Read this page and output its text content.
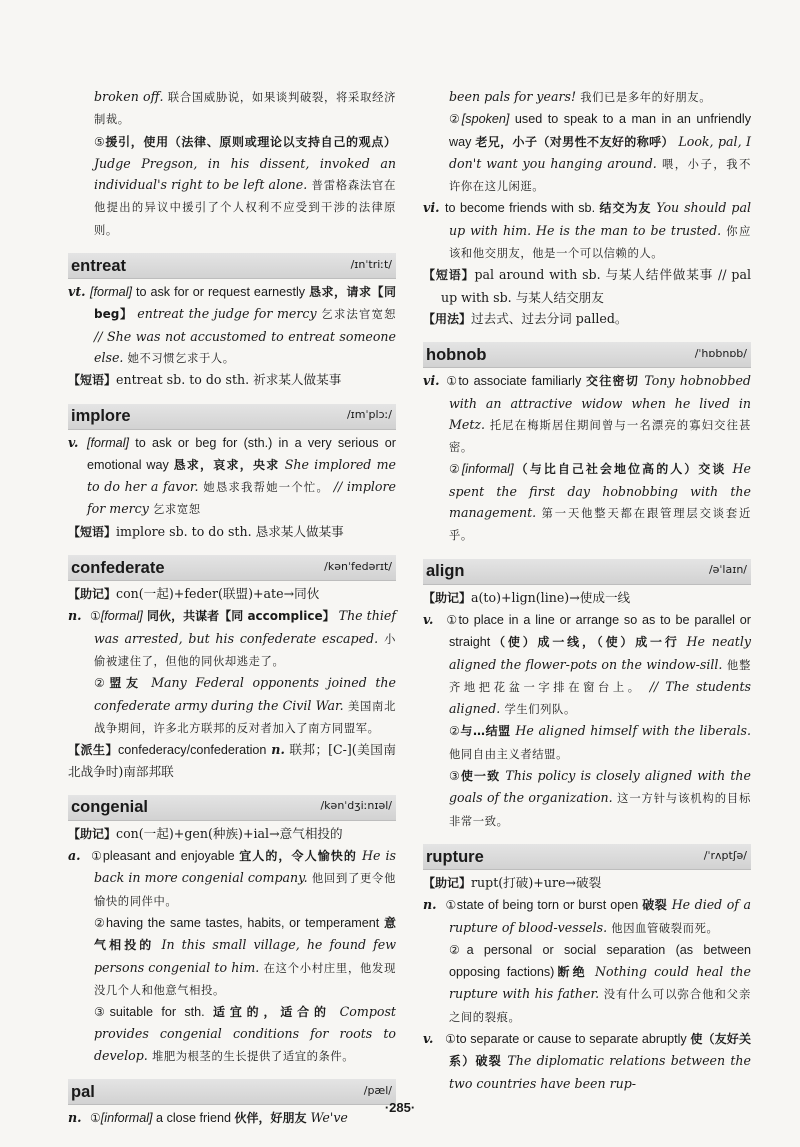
broken off. 联合国威胁说，如果谈判破裂，将采取经济制裁。

⑤援引，使用（法律、原则或理论以支持自己的观点） Judge Pregson, in his dissent, invoked an individual's right to be left alone. 普雷格森法官在他提出的异议中援引了个人权利不应受到干涉的法律原则。

entreat	/ɪnˈtriːt/

vt. [formal] to ask for or request earnestly 恳求，请求【同 beg】 entreat the judge for mercy 乞求法官宽恕 // She was not accustomed to entreat someone else. 她不习惯乞求于人。

【短语】entreat sb. to do sth. 祈求某人做某事

implore	/ɪmˈplɔː/

v. [formal] to ask or beg for (sth.) in a very serious or emotional way 恳求，哀求，央求 She implored me to do her a favor. 她恳求我帮她一个忙。 // implore for mercy 乞求宽恕

【短语】implore sb. to do sth. 恳求某人做某事

confederate	/kənˈfedərɪt/

【助记】con(一起)+feder(联盟)+ate→同伙

n. ①[formal] 同伙，共谋者【同 accomplice】 The thief was arrested, but his confederate escaped. 小偷被逮住了，但他的同伙却逃走了。

②盟友 Many Federal opponents joined the confederate army during the Civil War. 美国南北战争期间，许多北方联邦的反对者加入了南方同盟军。

【派生】confederacy/confederation n. 联邦；[C-](美国南北战争时)南部邦联

congenial	/kənˈdʒiːnɪəl/

【助记】con(一起)+gen(种族)+ial→意气相投的

a. ①pleasant and enjoyable 宜人的，令人愉快的 He is back in more congenial company. 他回到了更令他愉快的同伴中。

②having the same tastes, habits, or temperament 意气相投的 In this small village, he found few persons congenial to him. 在这个小村庄里，他发现没几个人和他意气相投。

③suitable for sth. 适宜的，适合的 Compost provides congenial conditions for roots to develop. 堆肥为根茎的生长提供了适宜的条件。

pal	/pæl/

n. ①[informal] a close friend 伙伴，好朋友 We've

been pals for years! 我们已是多年的好朋友。

②[spoken] used to speak to a man in an unfriendly way 老兄，小子（对男性不友好的称呼） Look, pal, I don't want you hanging around. 喂，小子，我不许你在这儿闲逛。

vi. to become friends with sb. 结交为友 You should pal up with him. He is the man to be trusted. 你应该和他交朋友，他是一个可以信赖的人。

【短语】pal around with sb. 与某人结伴做某事 // pal up with sb. 与某人结交朋友

【用法】过去式、过去分词 palled。

hobnob	/ˈhɒbnɒb/

vi. ①to associate familiarly 交往密切 Tony hobnobbed with an attractive widow when he lived in Metz. 托尼在梅斯居住期间曾与一名漂亮的寡妇交往甚密。

②[informal]（与比自己社会地位高的人）交谈 He spent the first day hobnobbing with the management. 第一天他整天都在跟管理层交谈套近乎。

align	/əˈlaɪn/

【助记】a(to)+lign(line)→使成一线

v. ①to place in a line or arrange so as to be parallel or straight（使）成一线，（使）成一行 He neatly aligned the flower-pots on the window-sill. 他整齐地把花盆一字排在窗台上。 // The students aligned. 学生们列队。

②与…结盟 He aligned himself with the liberals. 他同自由主义者结盟。

③使一致 This policy is closely aligned with the goals of the organization. 这一方针与该机构的目标非常一致。

rupture	/ˈrʌptʃə/

【助记】rupt(打破)+ure→破裂

n. ①state of being torn or burst open 破裂 He died of a rupture of blood-vessels. 他因血管破裂而死。

②a personal or social separation (as between opposing factions)断绝 Nothing could heal the rupture with his father. 没有什么可以弥合他和父亲之间的裂痕。

v. ①to separate or cause to separate abruptly 使（友好关系）破裂 The diplomatic relations between the two countries have been rup-

·285·
